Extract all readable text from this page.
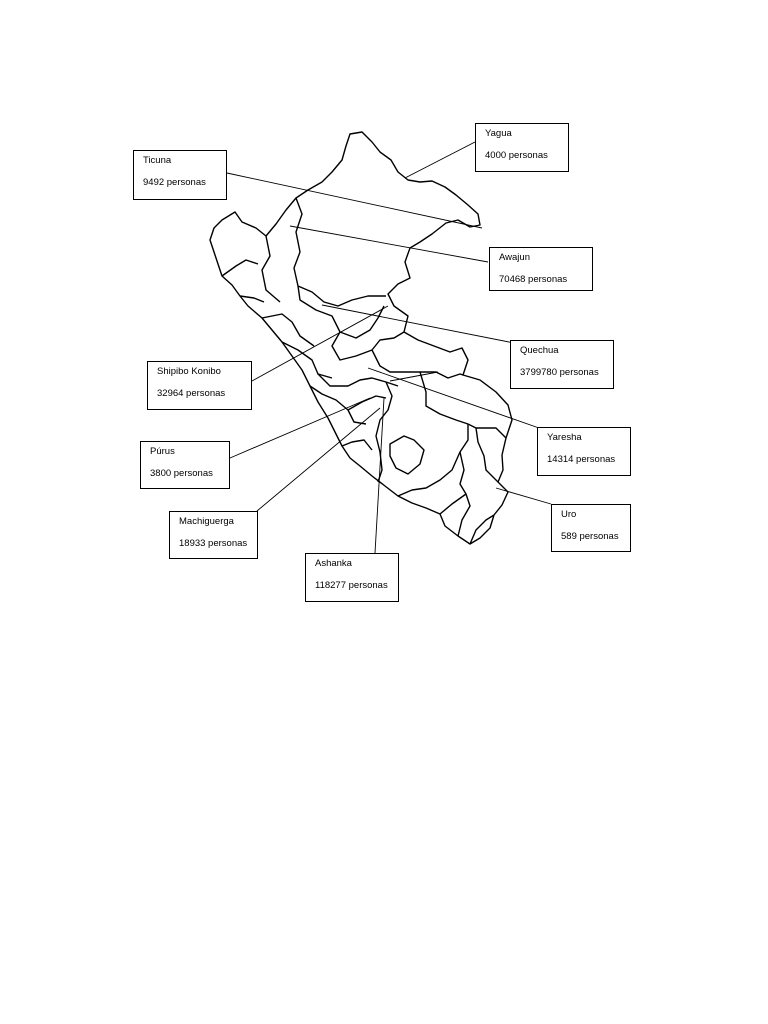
Ticuna
9492 personas
Yagua
4000 personas
Awajun
70468 personas
Quechua
3799780 personas
Shipibo Konibo
32964 personas
Púrus
3800 personas
Yaresha
14314 personas
Machiguerga
18933 personas
Uro
589 personas
Ashanka
118277 personas
